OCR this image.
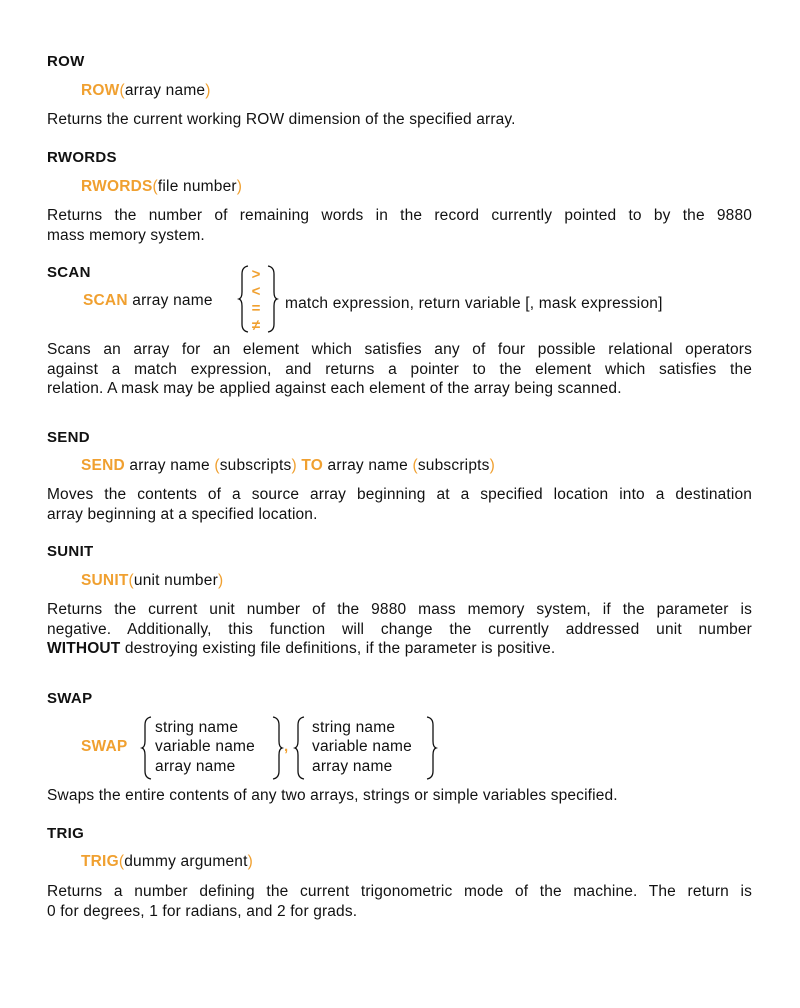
ROW
ROW(array name)
Returns the current working ROW dimension of the specified array.
RWORDS
RWORDS(file number)
Returns the number of remaining words in the record currently pointed to by the 9880
mass memory system.
SCAN
SCAN array name
>
<
=
≠
match expression, return variable [, mask expression]
Scans an array for an element which satisfies any of four possible relational operators
against a match expression, and returns a pointer to the element which satisfies the
relation. A mask may be applied against each element of the array being scanned.
SEND
SEND array name (subscripts) TO array name (subscripts)
Moves the contents of a source array beginning at a specified location into a destination
array beginning at a specified location.
SUNIT
SUNIT(unit number)
Returns the current unit number of the 9880 mass memory system, if the parameter is
negative. Additionally, this function will change the currently addressed unit number
WITHOUT destroying existing file definitions, if the parameter is positive.
SWAP
SWAP
string name
variable name
array name
,
string name
variable name
array name
Swaps the entire contents of any two arrays, strings or simple variables specified.
TRIG
TRIG(dummy argument)
Returns a number defining the current trigonometric mode of the machine. The return is
0 for degrees, 1 for radians, and 2 for grads.
